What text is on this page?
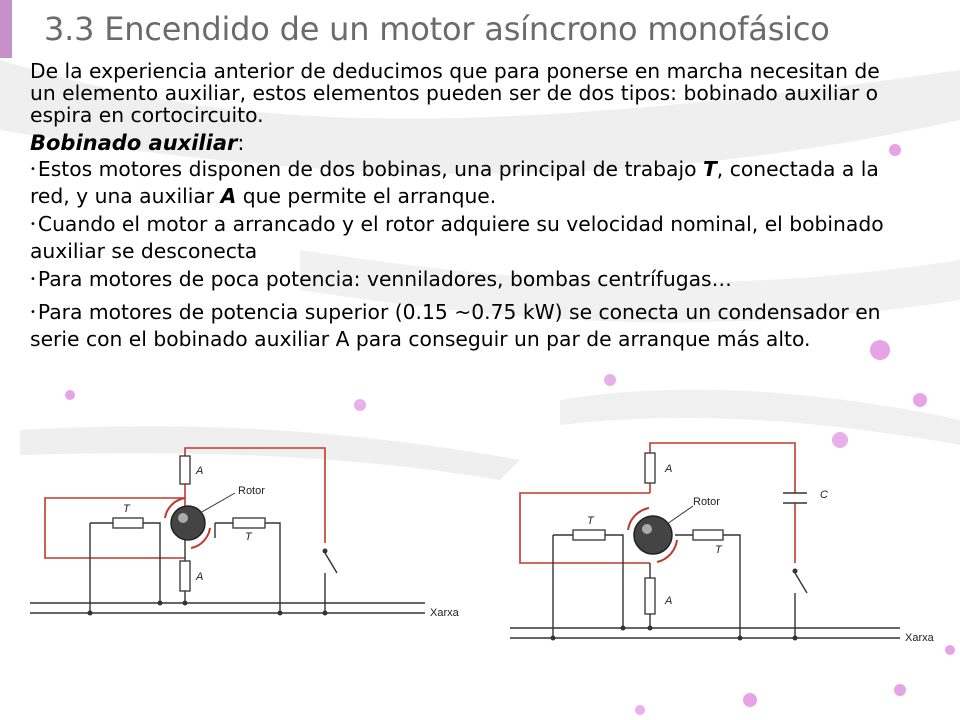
3.3 Encendido de un motor asíncrono monofásico

De la experiencia anterior de deducimos que para ponerse en marcha necesitan de un elemento auxiliar, estos elementos pueden ser de dos tipos: bobinado auxiliar o espira en cortocircuito.

Bobinado auxiliar:
•Estos motores disponen de dos bobinas, una principal de trabajo T, conectada a la red, y una auxiliar A que permite el arranque.
•Cuando el motor a arrancado y el rotor adquiere su velocidad nominal, el bobinado auxiliar se desconecta
•Para motores de poca potencia: venniladores, bombas centrífugas…
•Para motores de potencia superior (0.15 ~0.75 kW) se conecta un condensador en serie con el bobinado auxiliar A para conseguir un par de arranque más alto.
A
A
T
T
Rotor
Xarxa
A
A
T
T
Rotor
C
Xarxa
